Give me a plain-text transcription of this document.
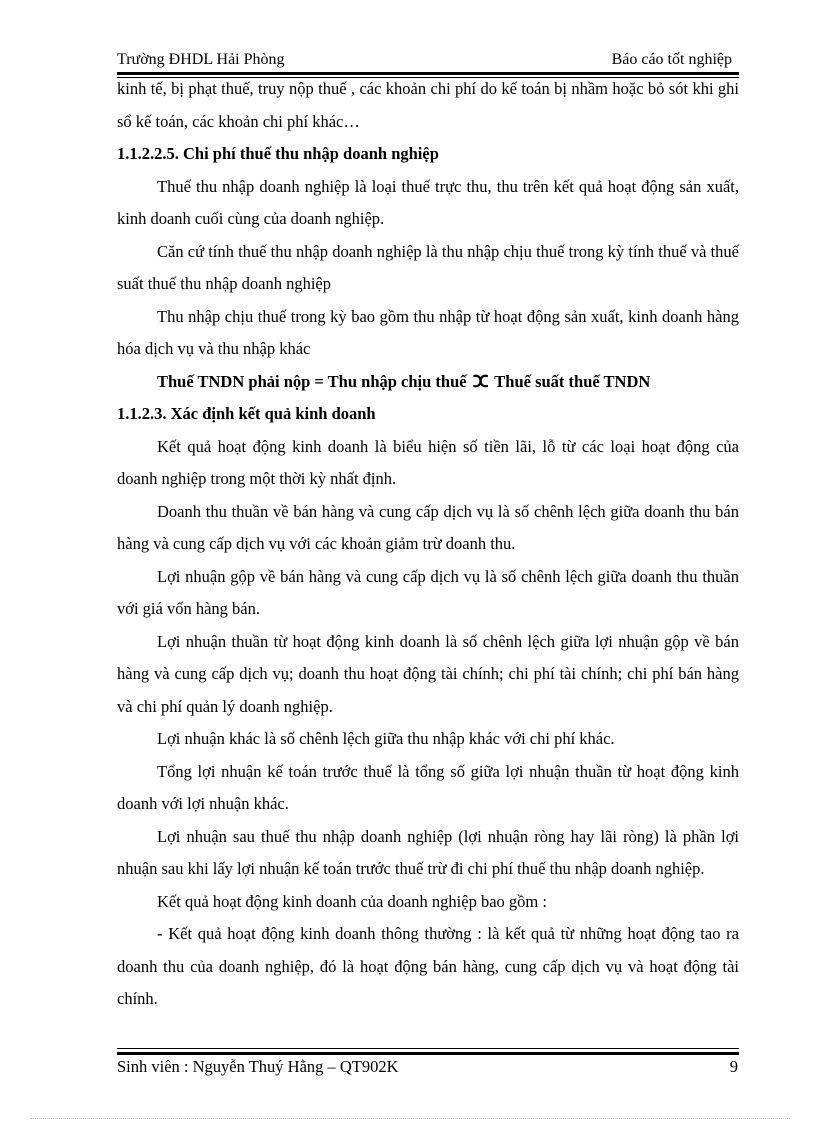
Trường ĐHDL Hải Phòng	Báo cáo tốt nghiệp

kinh tế, bị phạt thuế, truy nộp thuế , các khoản chi phí do kế toán bị nhầm hoặc bỏ sót khi ghi sổ kế toán, các khoản chi phí khác…

1.1.2.2.5. Chi phí thuế thu nhập doanh nghiệp

Thuế thu nhập doanh nghiệp là loại thuế trực thu, thu trên kết quả hoạt động sản xuất, kinh doanh cuối cùng của doanh nghiệp.

Căn cứ tính thuế thu nhập doanh nghiệp là thu nhập chịu thuế trong kỳ tính thuế và thuế suất thuế thu nhập doanh nghiệp

Thu nhập chịu thuế trong kỳ bao gồm thu nhập từ hoạt động sản xuất, kinh doanh hàng hóa dịch vụ và thu nhập khác

Thuế TNDN phải nộp = Thu nhập chịu thuế ⵋ Thuế suất thuế TNDN

1.1.2.3. Xác định kết quả kinh doanh

Kết quả hoạt động kinh doanh là biểu hiện số tiền lãi, lỗ từ các loại hoạt động của doanh nghiệp trong một thời kỳ nhất định.

Doanh thu thuần về bán hàng và cung cấp dịch vụ là số chênh lệch giữa doanh thu bán hàng và cung cấp dịch vụ với các khoản giảm trừ doanh thu.

Lợi nhuận gộp về bán hàng và cung cấp dịch vụ là số chênh lệch giữa doanh thu thuần với giá vốn hàng bán.

Lợi nhuận thuần từ hoạt động kinh doanh là số chênh lệch giữa lợi nhuận gộp về bán hàng và cung cấp dịch vụ; doanh thu hoạt động tài chính; chi phí tài chính; chi phí bán hàng và chi phí quản lý doanh nghiệp.

Lợi nhuận khác là số chênh lệch giữa thu nhập khác với chi phí khác.

Tổng lợi nhuận kế toán trước thuế là tổng số giữa lợi nhuận thuần từ hoạt động kinh doanh với lợi nhuận khác.

Lợi nhuận sau thuế thu nhập doanh nghiệp (lợi nhuận ròng hay lãi ròng) là phần lợi nhuận sau khi lấy lợi nhuận kế toán trước thuế trừ đi chi phí thuế thu nhập doanh nghiệp.

Kết quả hoạt động kinh doanh của doanh nghiệp bao gồm :

- Kết quả hoạt động kinh doanh thông thường : là kết quả từ những hoạt động tao ra doanh thu của doanh nghiệp, đó là hoạt động bán hàng, cung cấp dịch vụ và hoạt động tài chính.

Sinh viên : Nguyễn Thuý Hằng – QT902K	9
